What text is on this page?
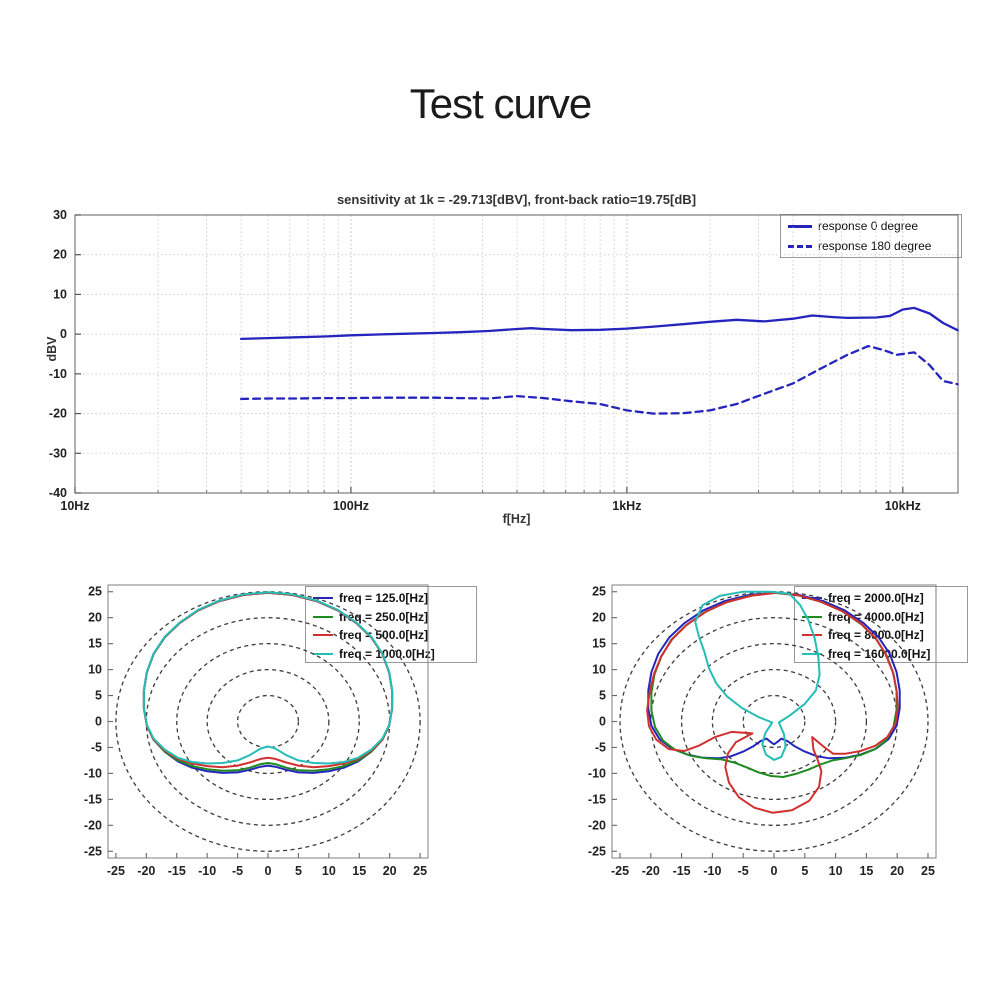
Test curve
sensitivity at 1k = -29.713[dBV], front-back ratio=19.75[dB]
dBV
f[Hz]
response 0 degree
response 180 degree
freq = 125.0[Hz]
freq = 250.0[Hz]
freq = 500.0[Hz]
freq = 1000.0[Hz]
freq = 2000.0[Hz]
freq = 4000.0[Hz]
freq = 8000.0[Hz]
freq = 16000.0[Hz]
10Hz	100Hz	1kHz	10kHz
30
20
10
0
-10
-20
-30
-40
-25
-25
-20
-20
-15
-15
-10
-10
-5
-5
0
0
5
5
10
10
15
15
20
20
25
25
-25
-25
-20
-20
-15
-15
-10
-10
-5
-5
0
0
5
5
10
10
15
15
20
20
25
25
